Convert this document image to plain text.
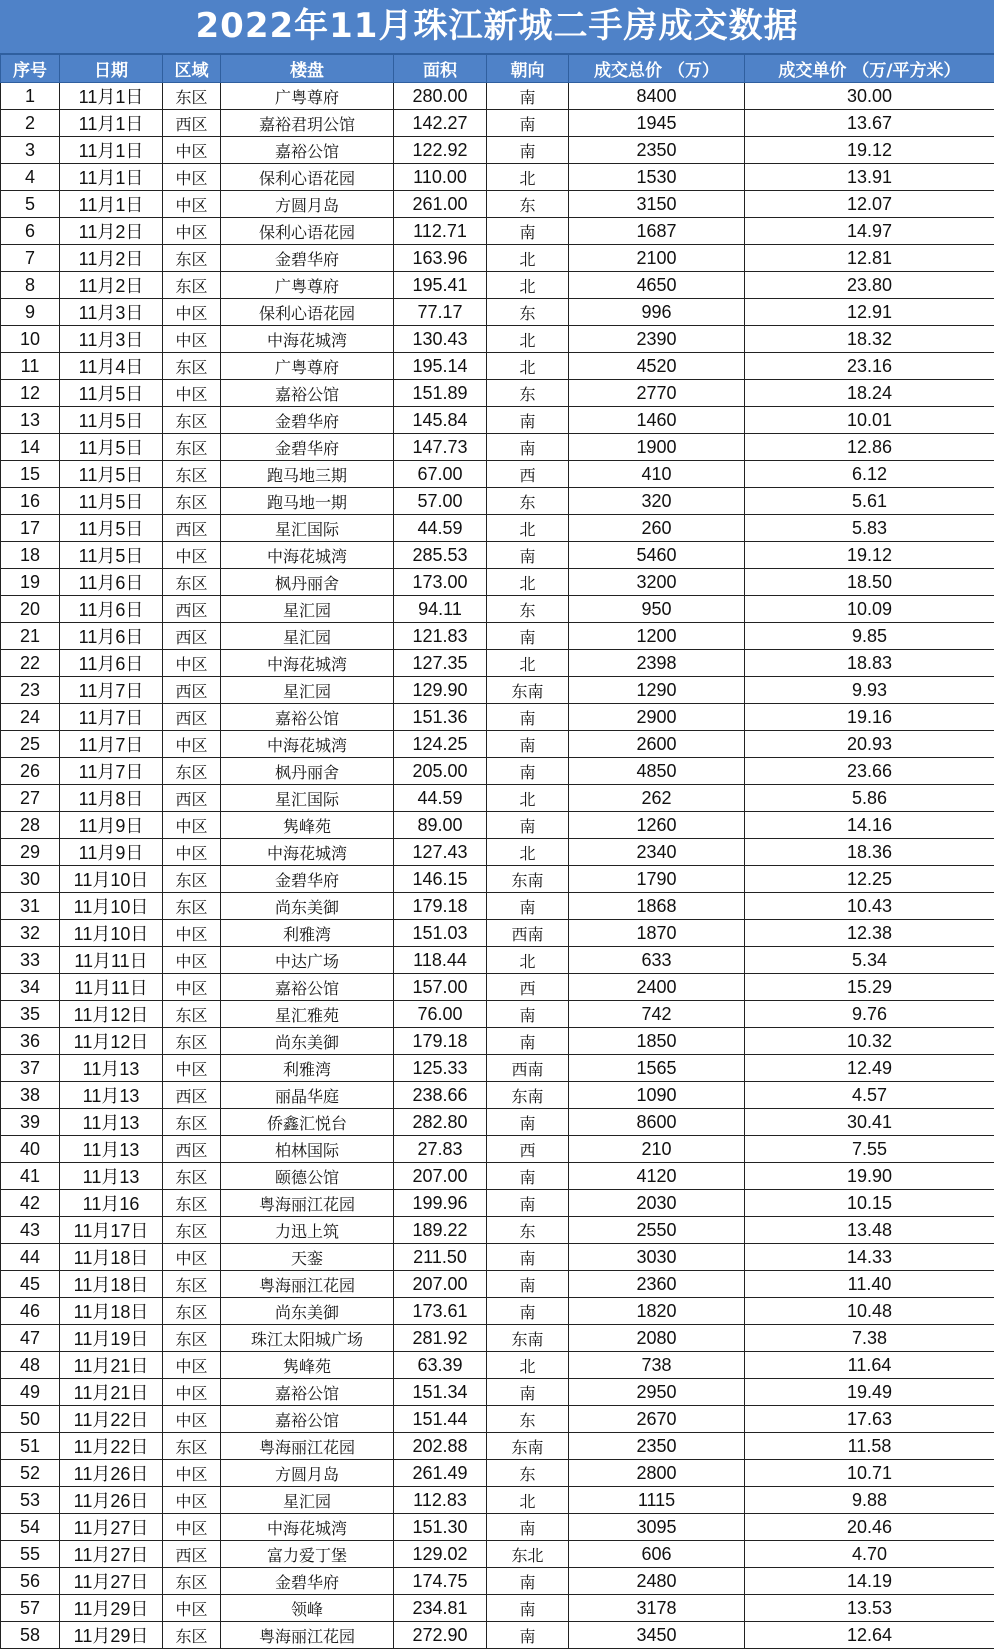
2022年11月珠江新城二手房成交数据
序号	日期	区域	楼盘	面积	朝向	成交总价 （万）	成交单价 （万/平方米）
1	11月1日	东区	广粤尊府	280.00	南	8400	30.00
2	11月1日	西区	嘉裕君玥公馆	142.27	南	1945	13.67
3	11月1日	中区	嘉裕公馆	122.92	南	2350	19.12
4	11月1日	中区	保利心语花园	110.00	北	1530	13.91
5	11月1日	中区	方圆月岛	261.00	东	3150	12.07
6	11月2日	中区	保利心语花园	112.71	南	1687	14.97
7	11月2日	东区	金碧华府	163.96	北	2100	12.81
8	11月2日	东区	广粤尊府	195.41	北	4650	23.80
9	11月3日	中区	保利心语花园	77.17	东	996	12.91
10	11月3日	中区	中海花城湾	130.43	北	2390	18.32
11	11月4日	东区	广粤尊府	195.14	北	4520	23.16
12	11月5日	中区	嘉裕公馆	151.89	东	2770	18.24
13	11月5日	东区	金碧华府	145.84	南	1460	10.01
14	11月5日	东区	金碧华府	147.73	南	1900	12.86
15	11月5日	东区	跑马地三期	67.00	西	410	6.12
16	11月5日	东区	跑马地一期	57.00	东	320	5.61
17	11月5日	西区	星汇国际	44.59	北	260	5.83
18	11月5日	中区	中海花城湾	285.53	南	5460	19.12
19	11月6日	东区	枫丹丽舍	173.00	北	3200	18.50
20	11月6日	西区	星汇园	94.11	东	950	10.09
21	11月6日	西区	星汇园	121.83	南	1200	9.85
22	11月6日	中区	中海花城湾	127.35	北	2398	18.83
23	11月7日	西区	星汇园	129.90	东南	1290	9.93
24	11月7日	西区	嘉裕公馆	151.36	南	2900	19.16
25	11月7日	中区	中海花城湾	124.25	南	2600	20.93
26	11月7日	东区	枫丹丽舍	205.00	南	4850	23.66
27	11月8日	西区	星汇国际	44.59	北	262	5.86
28	11月9日	中区	隽峰苑	89.00	南	1260	14.16
29	11月9日	中区	中海花城湾	127.43	北	2340	18.36
30	11月10日	东区	金碧华府	146.15	东南	1790	12.25
31	11月10日	东区	尚东美御	179.18	南	1868	10.43
32	11月10日	中区	利雅湾	151.03	西南	1870	12.38
33	11月11日	中区	中达广场	118.44	北	633	5.34
34	11月11日	中区	嘉裕公馆	157.00	西	2400	15.29
35	11月12日	东区	星汇雅苑	76.00	南	742	9.76
36	11月12日	东区	尚东美御	179.18	南	1850	10.32
37	11月13	中区	利雅湾	125.33	西南	1565	12.49
38	11月13	西区	丽晶华庭	238.66	东南	1090	4.57
39	11月13	东区	侨鑫汇悦台	282.80	南	8600	30.41
40	11月13	西区	柏林国际	27.83	西	210	7.55
41	11月13	东区	颐德公馆	207.00	南	4120	19.90
42	11月16	东区	粤海丽江花园	199.96	南	2030	10.15
43	11月17日	东区	力迅上筑	189.22	东	2550	13.48
44	11月18日	中区	天銮	211.50	南	3030	14.33
45	11月18日	东区	粤海丽江花园	207.00	南	2360	11.40
46	11月18日	东区	尚东美御	173.61	南	1820	10.48
47	11月19日	东区	珠江太阳城广场	281.92	东南	2080	7.38
48	11月21日	中区	隽峰苑	63.39	北	738	11.64
49	11月21日	中区	嘉裕公馆	151.34	南	2950	19.49
50	11月22日	中区	嘉裕公馆	151.44	东	2670	17.63
51	11月22日	东区	粤海丽江花园	202.88	东南	2350	11.58
52	11月26日	中区	方圆月岛	261.49	东	2800	10.71
53	11月26日	中区	星汇园	112.83	北	1115	9.88
54	11月27日	中区	中海花城湾	151.30	南	3095	20.46
55	11月27日	西区	富力爱丁堡	129.02	东北	606	4.70
56	11月27日	东区	金碧华府	174.75	南	2480	14.19
57	11月29日	中区	领峰	234.81	南	3178	13.53
58	11月29日	东区	粤海丽江花园	272.90	南	3450	12.64
